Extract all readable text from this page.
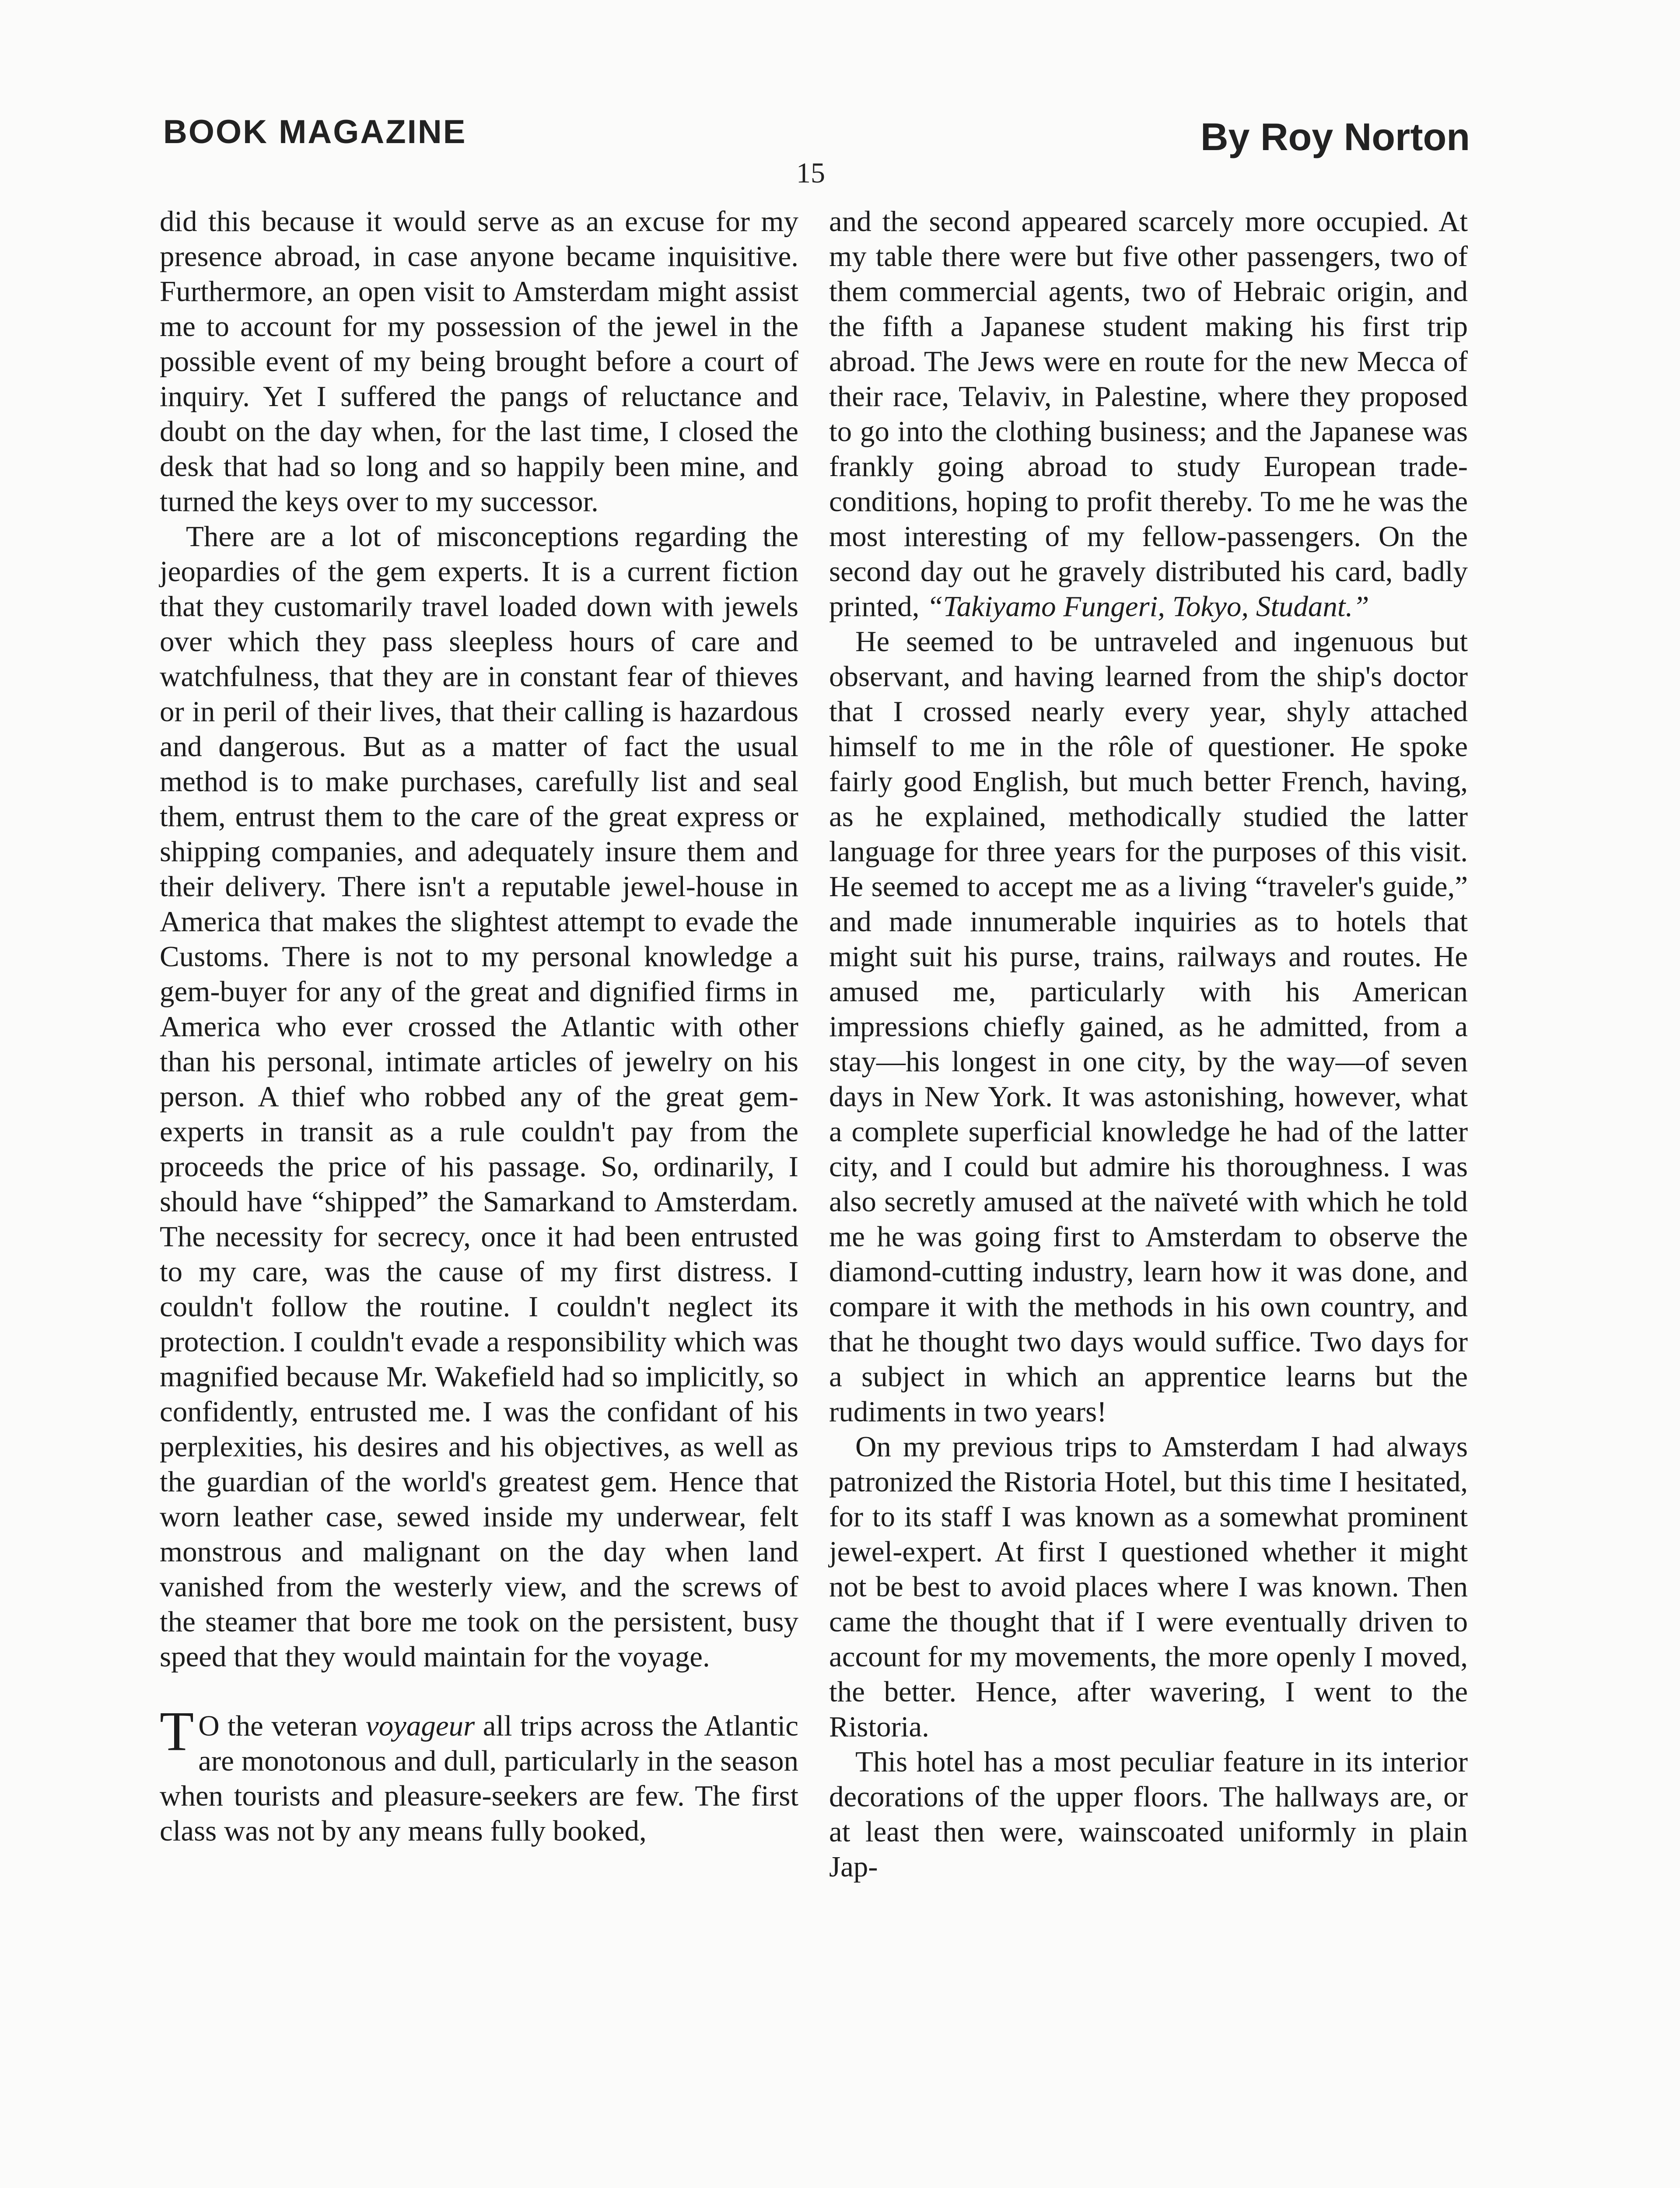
BOOK MAGAZINE	By Roy Norton
15

did this because it would serve as an excuse for my presence abroad, in case anyone became inquisitive. Furthermore, an open visit to Amsterdam might assist me to account for my possession of the jewel in the possible event of my being brought before a court of inquiry. Yet I suffered the pangs of reluctance and doubt on the day when, for the last time, I closed the desk that had so long and so happily been mine, and turned the keys over to my successor.

There are a lot of misconceptions regarding the jeopardies of the gem experts. It is a current fiction that they customarily travel loaded down with jewels over which they pass sleepless hours of care and watchfulness, that they are in constant fear of thieves or in peril of their lives, that their calling is hazardous and dangerous. But as a matter of fact the usual method is to make purchases, carefully list and seal them, entrust them to the care of the great express or shipping companies, and adequately insure them and their delivery. There isn't a reputable jewel-house in America that makes the slightest attempt to evade the Customs. There is not to my personal knowledge a gem-buyer for any of the great and dignified firms in America who ever crossed the Atlantic with other than his personal, intimate articles of jewelry on his person. A thief who robbed any of the great gem-experts in transit as a rule couldn't pay from the proceeds the price of his passage. So, ordinarily, I should have “shipped” the Samarkand to Amsterdam. The necessity for secrecy, once it had been entrusted to my care, was the cause of my first distress. I couldn't follow the routine. I couldn't neglect its protection. I couldn't evade a responsibility which was magnified because Mr. Wakefield had so implicitly, so confidently, entrusted me. I was the confidant of his perplexities, his desires and his objectives, as well as the guardian of the world's greatest gem. Hence that worn leather case, sewed inside my underwear, felt monstrous and malignant on the day when land vanished from the westerly view, and the screws of the steamer that bore me took on the persistent, busy speed that they would maintain for the voyage.

T O the veteran voyageur all trips across the Atlantic are monotonous and dull, particularly in the season when tourists and pleasure-seekers are few. The first class was not by any means fully booked,

and the second appeared scarcely more occupied. At my table there were but five other passengers, two of them commercial agents, two of Hebraic origin, and the fifth a Japanese student making his first trip abroad. The Jews were en route for the new Mecca of their race, Telaviv, in Palestine, where they proposed to go into the clothing business; and the Japanese was frankly going abroad to study European trade-conditions, hoping to profit thereby. To me he was the most interesting of my fellow-passengers. On the second day out he gravely distributed his card, badly printed, “Takiyamo Fungeri, Tokyo, Studant.”

He seemed to be untraveled and ingenuous but observant, and having learned from the ship's doctor that I crossed nearly every year, shyly attached himself to me in the rôle of questioner. He spoke fairly good English, but much better French, having, as he explained, methodically studied the latter language for three years for the purposes of this visit. He seemed to accept me as a living “traveler's guide,” and made innumerable inquiries as to hotels that might suit his purse, trains, railways and routes. He amused me, particularly with his American impressions chiefly gained, as he admitted, from a stay—his longest in one city, by the way—of seven days in New York. It was astonishing, however, what a complete superficial knowledge he had of the latter city, and I could but admire his thoroughness. I was also secretly amused at the naïveté with which he told me he was going first to Amsterdam to observe the diamond-cutting industry, learn how it was done, and compare it with the methods in his own country, and that he thought two days would suffice. Two days for a subject in which an apprentice learns but the rudiments in two years!

On my previous trips to Amsterdam I had always patronized the Ristoria Hotel, but this time I hesitated, for to its staff I was known as a somewhat prominent jewel-expert. At first I questioned whether it might not be best to avoid places where I was known. Then came the thought that if I were eventually driven to account for my movements, the more openly I moved, the better. Hence, after wavering, I went to the Ristoria.

This hotel has a most peculiar feature in its interior decorations of the upper floors. The hallways are, or at least then were, wainscoated uniformly in plain Jap-
